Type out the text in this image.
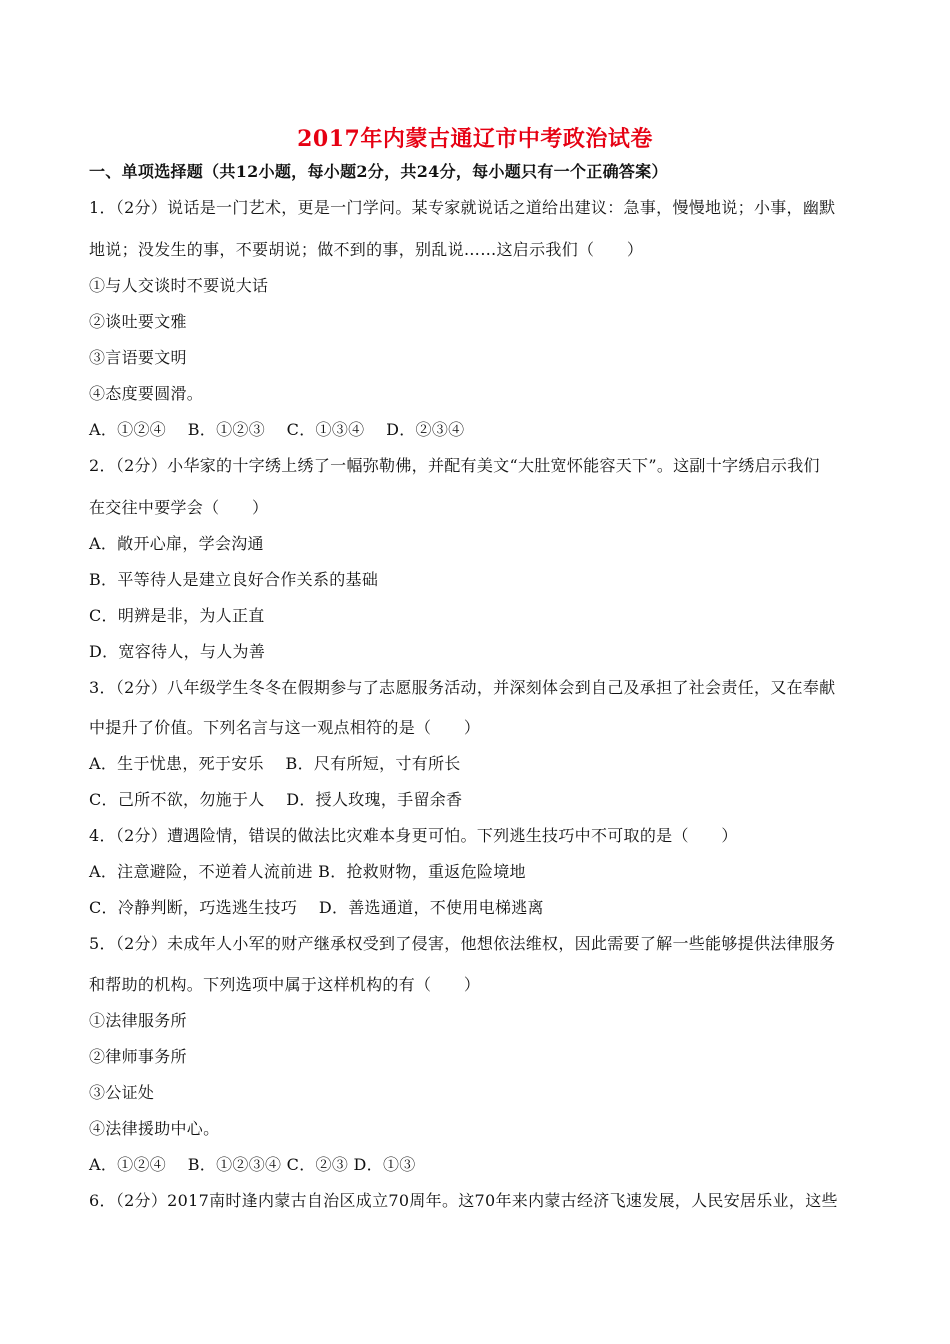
2017年内蒙古通辽市中考政治试卷
一、单项选择题（共12小题，每小题2分，共24分，每小题只有一个正确答案）
1．（2分）说话是一门艺术，更是一门学问。某专家就说话之道给出建议：急事，慢慢地说；小事，幽默
地说；没发生的事，不要胡说；做不到的事，别乱说……这启示我们（　　）
①与人交谈时不要说大话
②谈吐要文雅
③言语要文明
④态度要圆滑。
A．①②④　 B．①②③　 C．①③④　 D．②③④
2．（2分）小华家的十字绣上绣了一幅弥勒佛，并配有美文“大肚宽怀能容天下”。这副十字绣启示我们
在交往中要学会（　　）
A．敞开心扉，学会沟通
B．平等待人是建立良好合作关系的基础
C．明辨是非，为人正直
D．宽容待人，与人为善
3．（2分）八年级学生冬冬在假期参与了志愿服务活动，并深刻体会到自己及承担了社会责任，又在奉献
中提升了价值。下列名言与这一观点相符的是（　　）
A．生于忧患，死于安乐　 B．尺有所短，寸有所长
C．己所不欲，勿施于人　 D．授人玫瑰，手留余香
4．（2分）遭遇险情，错误的做法比灾难本身更可怕。下列逃生技巧中不可取的是（　　）
A．注意避险，不逆着人流前进 B．抢救财物，重返危险境地
C．冷静判断，巧选逃生技巧　 D．善选通道，不使用电梯逃离
5．（2分）未成年人小军的财产继承权受到了侵害，他想依法维权，因此需要了解一些能够提供法律服务
和帮助的机构。下列选项中属于这样机构的有（　　）
①法律服务所
②律师事务所
③公证处
④法律援助中心。
A．①②④　 B．①②③④ C．②③ D．①③
6．（2分）2017南时逢内蒙古自治区成立70周年。这70年来内蒙古经济飞速发展，人民安居乐业，这些
